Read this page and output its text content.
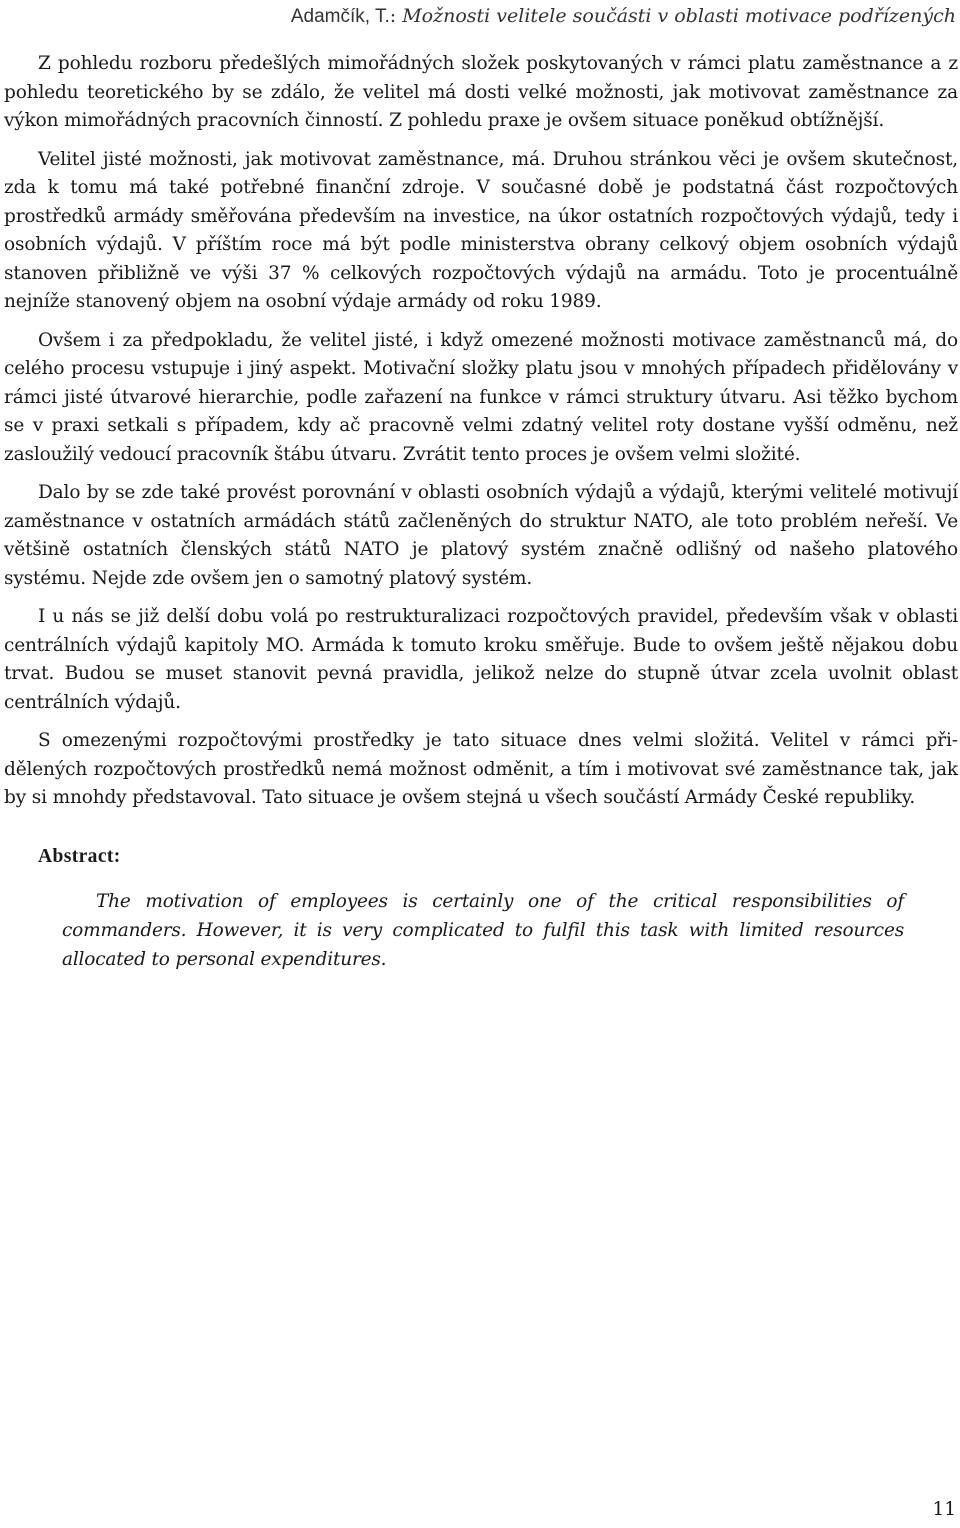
Adamčík, T.: Možnosti velitele součásti v oblasti motivace podřízených

Z pohledu rozboru předešlých mimořádných složek poskytovaných v rámci platu zaměstnance a z pohledu teoretického by se zdálo, že velitel má dosti velké možnosti, jak motivovat zaměstnance za výkon mimořádných pracovních činností. Z pohledu praxe je ovšem situace poněkud obtížnější.

Velitel jisté možnosti, jak motivovat zaměstnance, má. Druhou stránkou věci je ovšem skutečnost, zda k tomu má také potřebné finanční zdroje. V současné době je podstatná část rozpočtových prostředků armády směřována především na investice, na úkor ostatních rozpočtových výdajů, tedy i osobních výdajů. V příštím roce má být podle ministerstva obrany celkový objem osobních výdajů stanoven přibližně ve výši 37 % celkových rozpočtových výdajů na armádu. Toto je procentuálně nejníže stanovený objem na osobní výdaje armády od roku 1989.

Ovšem i za předpokladu, že velitel jisté, i když omezené možnosti motivace zaměstnanců má, do celého procesu vstupuje i jiný aspekt. Motivační složky platu jsou v mnohých případech přidělovány v rámci jisté útvarové hierarchie, podle zařazení na funkce v rámci struktury útvaru. Asi těžko bychom se v praxi setkali s případem, kdy ač pracovně velmi zdatný velitel roty dostane vyšší odměnu, než zasloužilý vedoucí pracovník štábu útvaru. Zvrátit tento proces je ovšem velmi složité.

Dalo by se zde také provést porovnání v oblasti osobních výdajů a výdajů, kterými velitelé motivují zaměstnance v ostatních armádách států začleněných do struktur NATO, ale toto problém neřeší. Ve většině ostatních členských států NATO je platový systém značně odlišný od našeho platového systému. Nejde zde ovšem jen o samotný platový systém.

I u nás se již delší dobu volá po restrukturalizaci rozpočtových pravidel, především však v oblasti centrálních výdajů kapitoly MO. Armáda k tomuto kroku směřuje. Bude to ovšem ještě nějakou dobu trvat. Budou se muset stanovit pevná pravidla, jelikož nelze do stupně útvar zcela uvolnit oblast centrálních výdajů.

S omezenými rozpočtovými prostředky je tato situace dnes velmi složitá. Velitel v rámci přidělených rozpočtových prostředků nemá možnost odměnit, a tím i motivovat své zaměstnance tak, jak by si mnohdy představoval. Tato situace je ovšem stejná u všech součástí Armády České republiky.

Abstract:
The motivation of employees is certainly one of the critical responsibilities of commanders. However, it is very complicated to fulfil this task with limited resources allocated to personal expenditures.
11
